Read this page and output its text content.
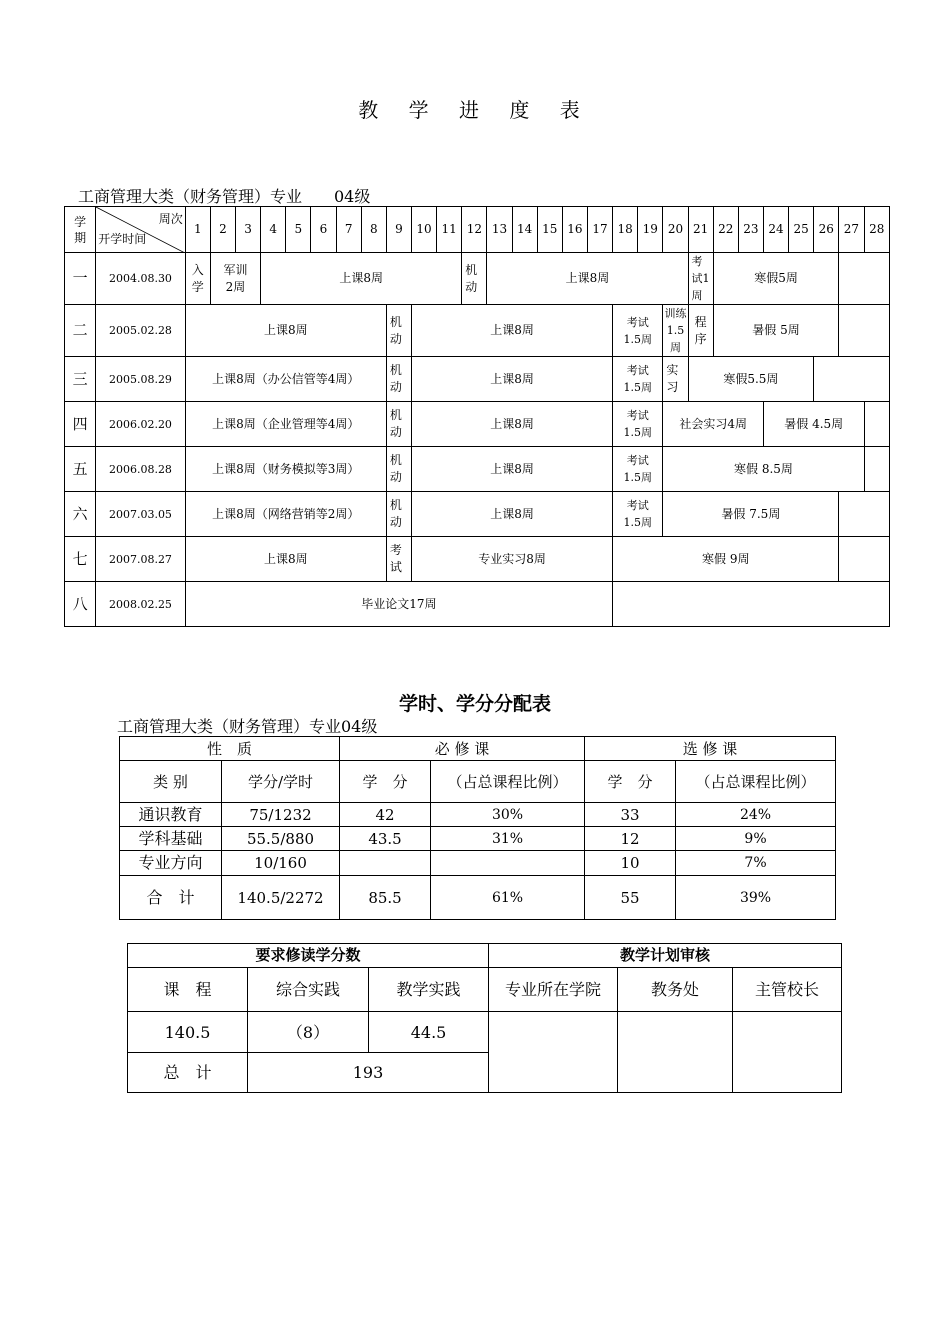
教 学 进 度 表
工商管理大类（财务管理）专业　　04级
学期	周次
开学时间	1	2	3	4	5	6	7	8	9	10	11	12	13	14	15	16	17	18	19	20	21	22	23	24	25	26	27	28
一	2004.08.30	入学	军训2周		上课8周								机动	上课8周								考试1周	寒假5周						
二	2005.02.28	上课8周								机动	上课8周								考试1.5周		训练1.5周	程序	暑假 5周						
三	2005.08.29	上课8周（办公信管等4周）								机动	上课8周								考试1.5周		实习	寒假5.5周							
四	2006.02.20	上课8周（企业管理等4周）								机动	上课8周								考试1.5周		社会实习4周				暑假 4.5周				
五	2006.08.28	上课8周（财务模拟等3周）								机动	上课8周								考试1.5周		寒假 8.5周								
六	2007.03.05	上课8周（网络营销等2周）								机动	上课8周								考试1.5周		暑假 7.5周								
七	2007.08.27	上课8周								考试	专业实习8周								寒假 9周										
八	2008.02.25	毕业论文17周																											
学时、学分分配表
工商管理大类（财务管理）专业04级
性　质		必 修 课		选 修 课	
类 别	学分/学时	学　分	（占总课程比例）	学　分	（占总课程比例）
通识教育	75/1232	42	30%	33	24%
学科基础	55.5/880	43.5	31%	12	9%
专业方向	10/160			10	7%
合　计	140.5/2272	85.5	61%	55	39%
要求修读学分数			教学计划审核		
课　程	综合实践	教学实践	专业所在学院	教务处	主管校长
140.5	（8）	44.5			
总　计	193				
